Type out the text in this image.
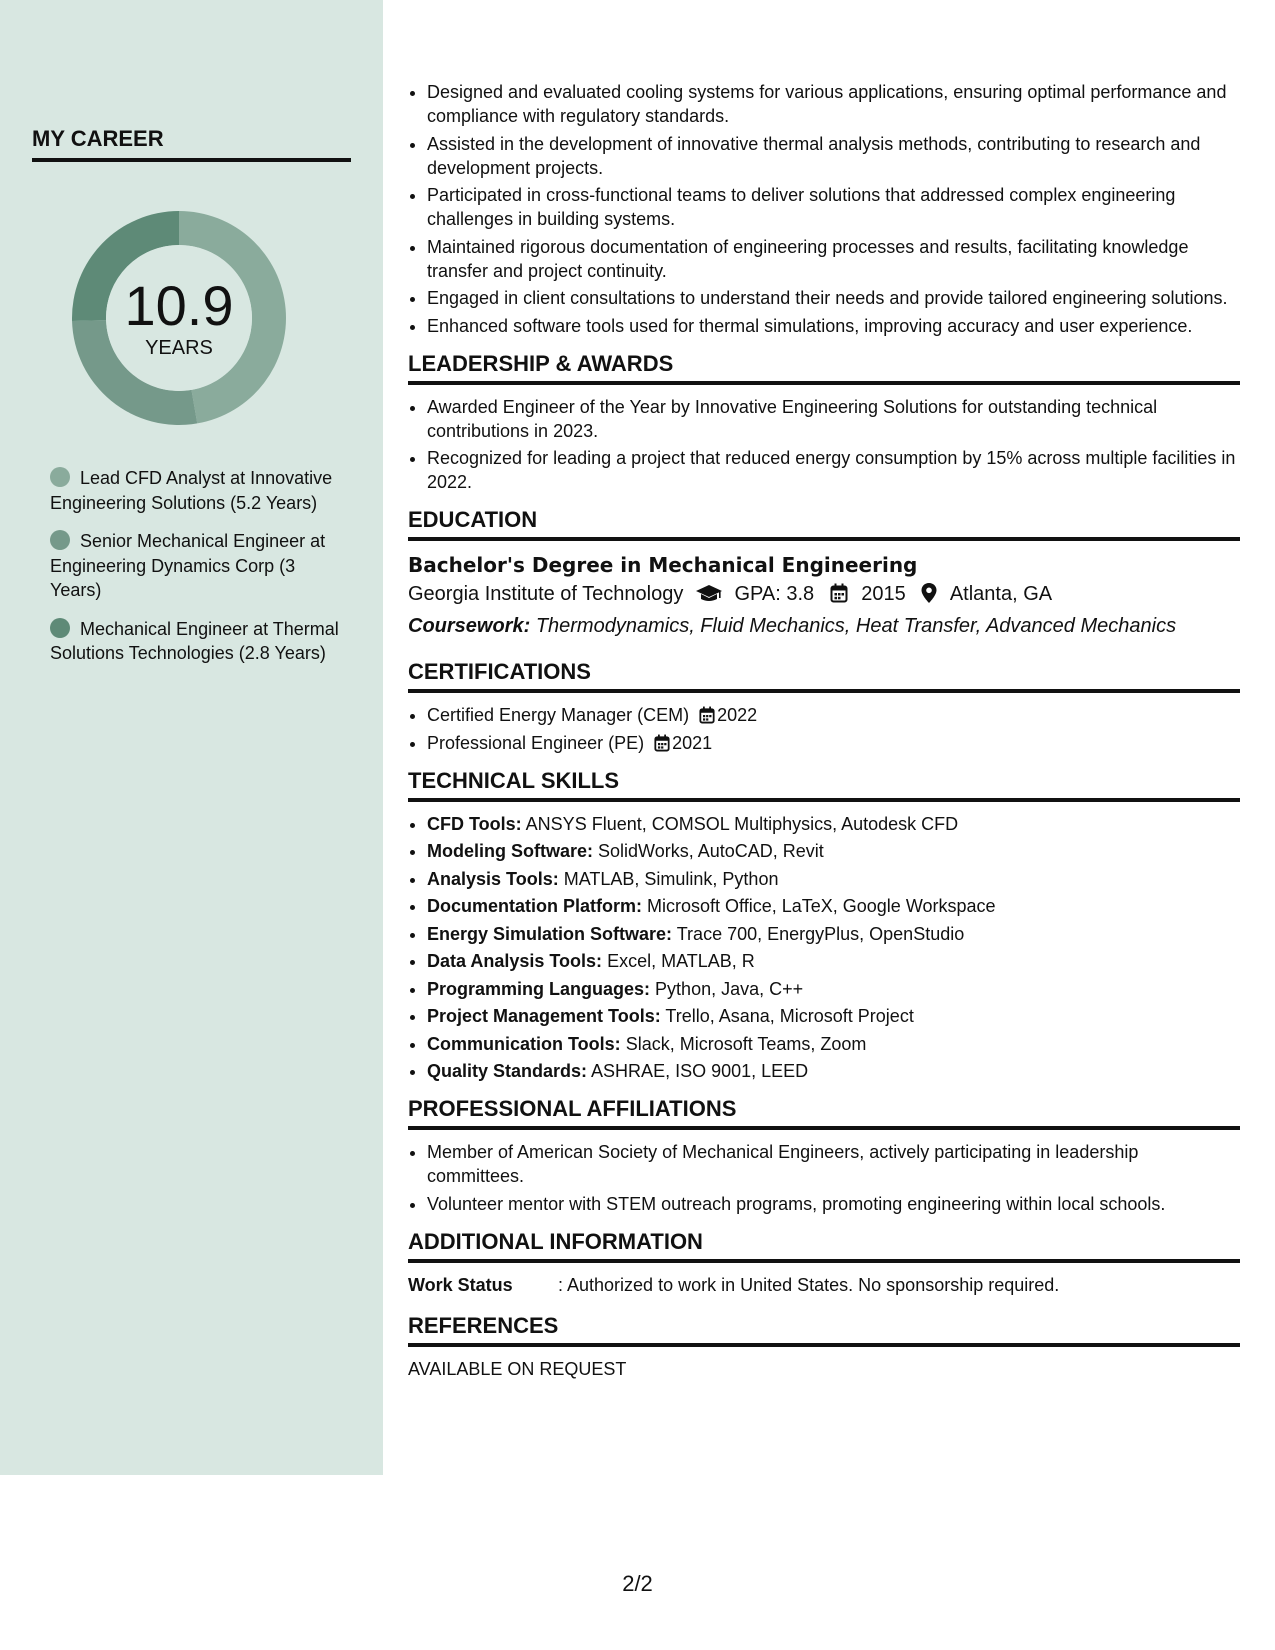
MY CAREER
10.9
YEARS
Lead CFD Analyst at Innovative Engineering Solutions (5.2 Years)
Senior Mechanical Engineer at Engineering Dynamics Corp (3 Years)
Mechanical Engineer at Thermal Solutions Technologies (2.8 Years)
• Designed and evaluated cooling systems for various applications, ensuring optimal performance and compliance with regulatory standards.
• Assisted in the development of innovative thermal analysis methods, contributing to research and development projects.
• Participated in cross-functional teams to deliver solutions that addressed complex engineering challenges in building systems.
• Maintained rigorous documentation of engineering processes and results, facilitating knowledge transfer and project continuity.
• Engaged in client consultations to understand their needs and provide tailored engineering solutions.
• Enhanced software tools used for thermal simulations, improving accuracy and user experience.
LEADERSHIP & AWARDS
• Awarded Engineer of the Year by Innovative Engineering Solutions for outstanding technical contributions in 2023.
• Recognized for leading a project that reduced energy consumption by 15% across multiple facilities in 2022.
EDUCATION
Bachelor's Degree in Mechanical Engineering
Georgia Institute of Technology	GPA: 3.8 2015 Atlanta, GA
Coursework: Thermodynamics, Fluid Mechanics, Heat Transfer, Advanced Mechanics
CERTIFICATIONS
• Certified Energy Manager (CEM) 2022
• Professional Engineer (PE) 2021
TECHNICAL SKILLS
• CFD Tools: ANSYS Fluent, COMSOL Multiphysics, Autodesk CFD
• Modeling Software: SolidWorks, AutoCAD, Revit
• Analysis Tools: MATLAB, Simulink, Python
• Documentation Platform: Microsoft Office, LaTeX, Google Workspace
• Energy Simulation Software: Trace 700, EnergyPlus, OpenStudio
• Data Analysis Tools: Excel, MATLAB, R
• Programming Languages: Python, Java, C++
• Project Management Tools: Trello, Asana, Microsoft Project
• Communication Tools: Slack, Microsoft Teams, Zoom
• Quality Standards: ASHRAE, ISO 9001, LEED
PROFESSIONAL AFFILIATIONS
• Member of American Society of Mechanical Engineers, actively participating in leadership committees.
• Volunteer mentor with STEM outreach programs, promoting engineering within local schools.
ADDITIONAL INFORMATION
Work Status	: Authorized to work in United States. No sponsorship required.
REFERENCES
AVAILABLE ON REQUEST
2/2
